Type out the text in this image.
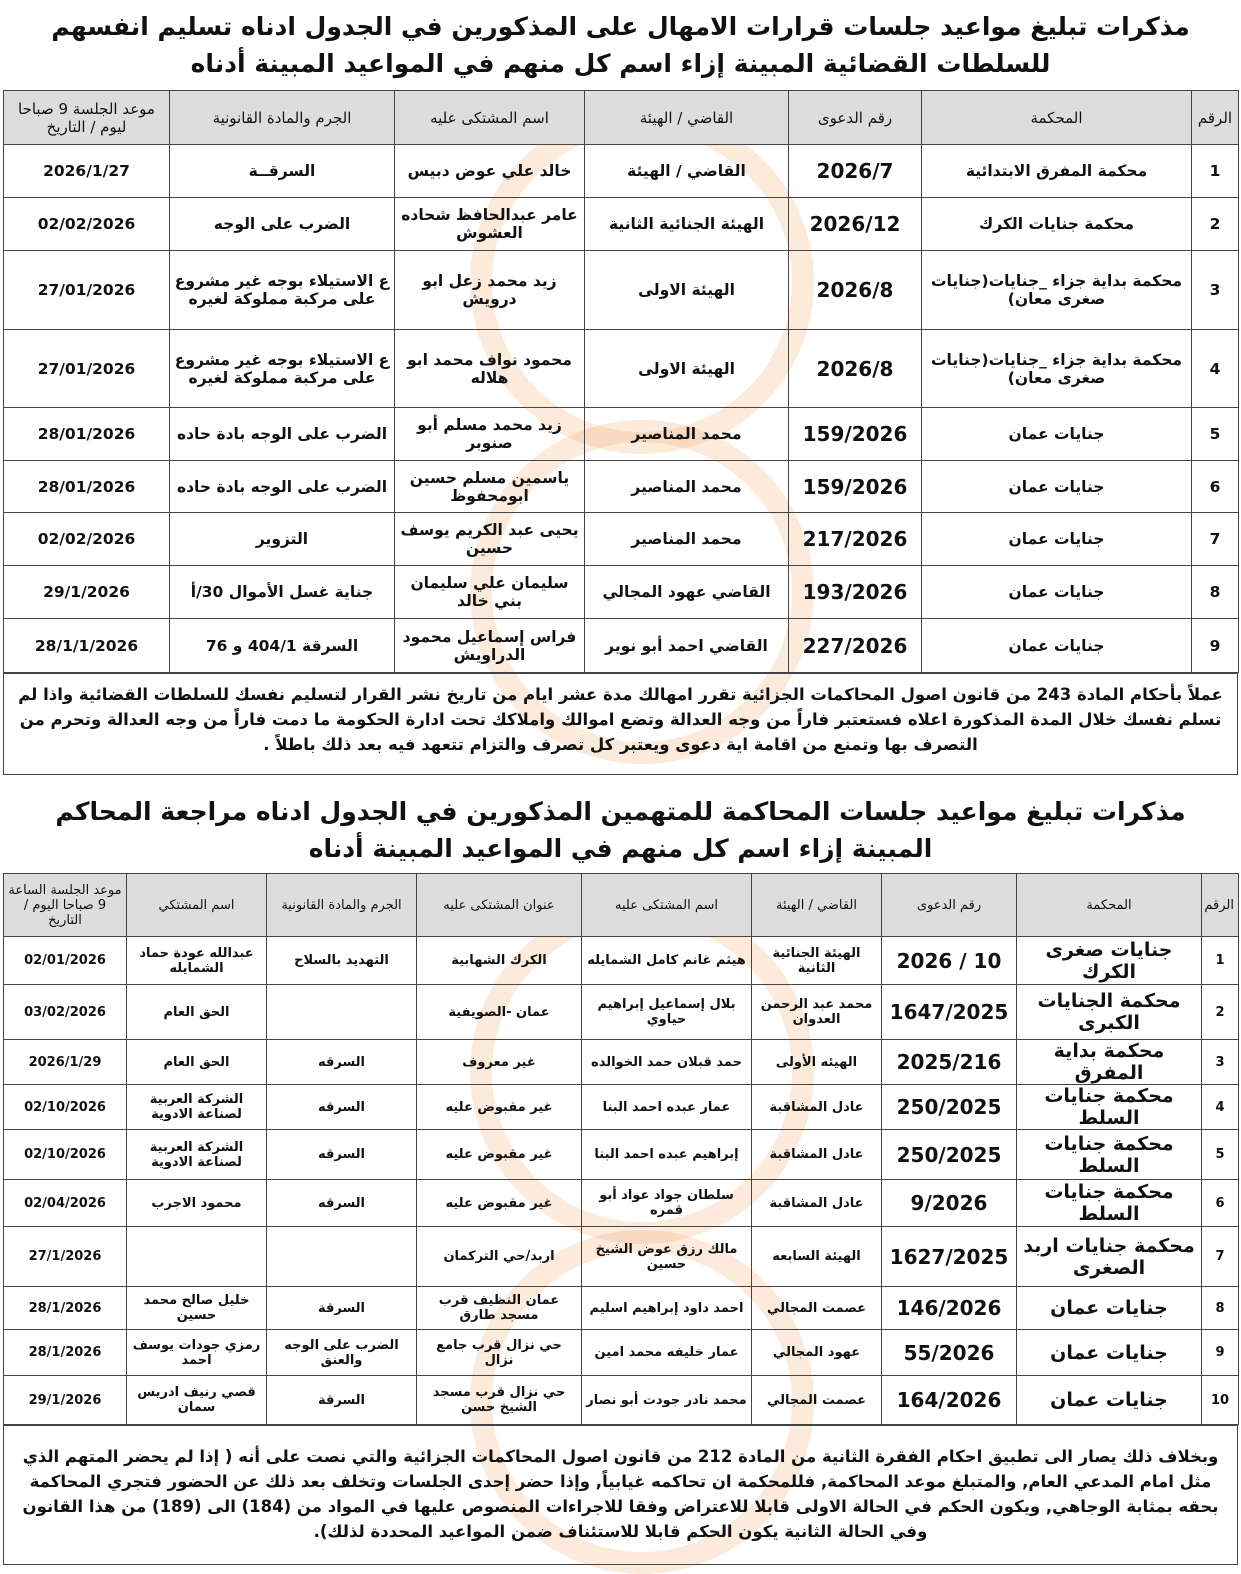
مذكرات تبليغ مواعيد جلسات قرارات الامهال على المذكورين في الجدول ادناه تسليم انفسهم للسلطات القضائية المبينة إزاء اسم كل منهم في المواعيد المبينة أدناه
الرقم	المحكمة	رقم الدعوى	القاضي / الهيئة	اسم المشتكى عليه	الجرم والمادة القانونية	موعد الجلسة 9 صباحا ليوم / التاريخ
1	محكمة المفرق الابتدائية	2026/7	القاضي / الهيئة	خالد علي عوض دبيس	السرقــة	2026/1/27
2	محكمة جنايات الكرك	2026/12	الهيئة الجنائية الثانية	عامر عبدالحافظ شحاده العشوش	الضرب على الوجه	02/02/2026
3	محكمة بداية جزاء _جنايات(جنايات صغرى معان)	2026/8	الهيئة الاولى	زيد محمد زعل ابو درويش	ع الاستيلاء بوجه غير مشروع على مركبة مملوكة لغيره	27/01/2026
4	محكمة بداية جزاء _جنايات(جنايات صغرى معان)	2026/8	الهيئة الاولى	محمود نواف محمد ابو هلاله	ع الاستيلاء بوجه غير مشروع على مركبة مملوكة لغيره	27/01/2026
5	جنايات عمان	159/2026	محمد المناصير	زيد محمد مسلم أبو صنوبر	الضرب على الوجه بادة حاده	28/01/2026
6	جنايات عمان	159/2026	محمد المناصير	ياسمين مسلم حسين ابومحفوظ	الضرب على الوجه بادة حاده	28/01/2026
7	جنايات عمان	217/2026	محمد المناصير	يحيى عبد الكريم يوسف حسين	التزوير	02/02/2026
8	جنايات عمان	193/2026	القاضي عهود المجالي	سليمان علي سليمان بني خالد	جناية غسل الأموال 30/أ	29/1/2026
9	جنايات عمان	227/2026	القاضي احمد أبو نوير	فراس إسماعيل محمود الدراويش	السرقة 404/1 و 76	28/1/1/2026
عملاً بأحكام المادة 243 من قانون اصول المحاكمات الجزائية تقرر امهالك مدة عشر ايام من تاريخ نشر القرار لتسليم نفسك للسلطات القضائية واذا لم تسلم نفسك خلال المدة المذكورة اعلاه فستعتبر فاراً من وجه العدالة وتضع اموالك واملاكك تحت ادارة الحكومة ما دمت فاراً من وجه العدالة وتحرم من التصرف بها وتمنع من اقامة اية دعوى ويعتبر كل تصرف والتزام تتعهد فيه بعد ذلك باطلاً .
مذكرات تبليغ مواعيد جلسات المحاكمة للمتهمين المذكورين في الجدول ادناه مراجعة المحاكم المبينة إزاء اسم كل منهم في المواعيد المبينة أدناه
الرقم	المحكمة	رقم الدعوى	القاضي / الهيئة	اسم المشتكى عليه	عنوان المشتكى عليه	الجرم والمادة القانونية	اسم المشتكي	موعد الجلسة الساعة 9 صباحا اليوم / التاريخ
1	جنايات صغرى الكرك	10 / 2026	الهيئة الجنائية الثانية	هيثم غانم كامل الشمايله	الكرك الشهابية	التهديد بالسلاح	عبدالله عودة حماد الشمايله	02/01/2026
2	محكمة الجنايات الكبرى	1647/2025	محمد عبد الرحمن العدوان	بلال إسماعيل إبراهيم حياوي	عمان -الصويفية		الحق العام	03/02/2026
3	محكمة بداية المفرق	2025/216	الهيئه الأولى	حمد قبلان حمد الخوالده	غير معروف	السرقه	الحق العام	2026/1/29
4	محكمة جنايات السلط	250/2025	عادل المشاقبة	عمار عبده احمد البنا	غير مقبوض عليه	السرقه	الشركة العربية لصناعة الادوية	02/10/2026
5	محكمة جنايات السلط	250/2025	عادل المشاقبة	إبراهيم عبده احمد البنا	غير مقبوض عليه	السرقه	الشركة العربية لصناعة الادوية	02/10/2026
6	محكمة جنايات السلط	9/2026	عادل المشاقبة	سلطان جواد عواد أبو قمره	غير مقبوض عليه	السرقه	محمود الاجرب	02/04/2026
7	محكمة جنايات اربد الصغرى	1627/2025	الهيئة السابعه	مالك رزق عوض الشيخ حسين	اربد/حي التركمان			27/1/2026
8	جنايات عمان	146/2026	عصمت المجالي	احمد داود إبراهيم اسليم	عمان النظيف قرب مسجد طارق	السرقة	خليل صالح محمد حسين	28/1/2026
9	جنايات عمان	55/2026	عهود المجالي	عمار خليفه محمد امين	حي نزال قرب جامع نزال	الضرب على الوجه والعنق	رمزي جودات يوسف احمد	28/1/2026
10	جنايات عمان	164/2026	عصمت المجالي	محمد نادر جودت أبو نصار	حي نزال قرب مسجد الشيخ حسن	السرقة	قصي رنيف ادريس سمان	29/1/2026
وبخلاف ذلك يصار الى تطبيق احكام الفقرة الثانية من المادة 212 من قانون اصول المحاكمات الجزائية والتي نصت على أنه ( إذا لم يحضر المتهم الذي مثل امام المدعي العام, والمتبلغ موعد المحاكمة, فللمحكمة ان تحاكمه غيابياً, وإذا حضر إحدى الجلسات وتخلف بعد ذلك عن الحضور فتجري المحاكمة بحقه بمثابة الوجاهي, ويكون الحكم في الحالة الاولى قابلا للاعتراض وفقا للاجراءات المنصوص عليها في المواد من (184) الى (189) من هذا القانون وفي الحالة الثانية يكون الحكم قابلا للاستئناف ضمن المواعيد المحددة لذلك).
